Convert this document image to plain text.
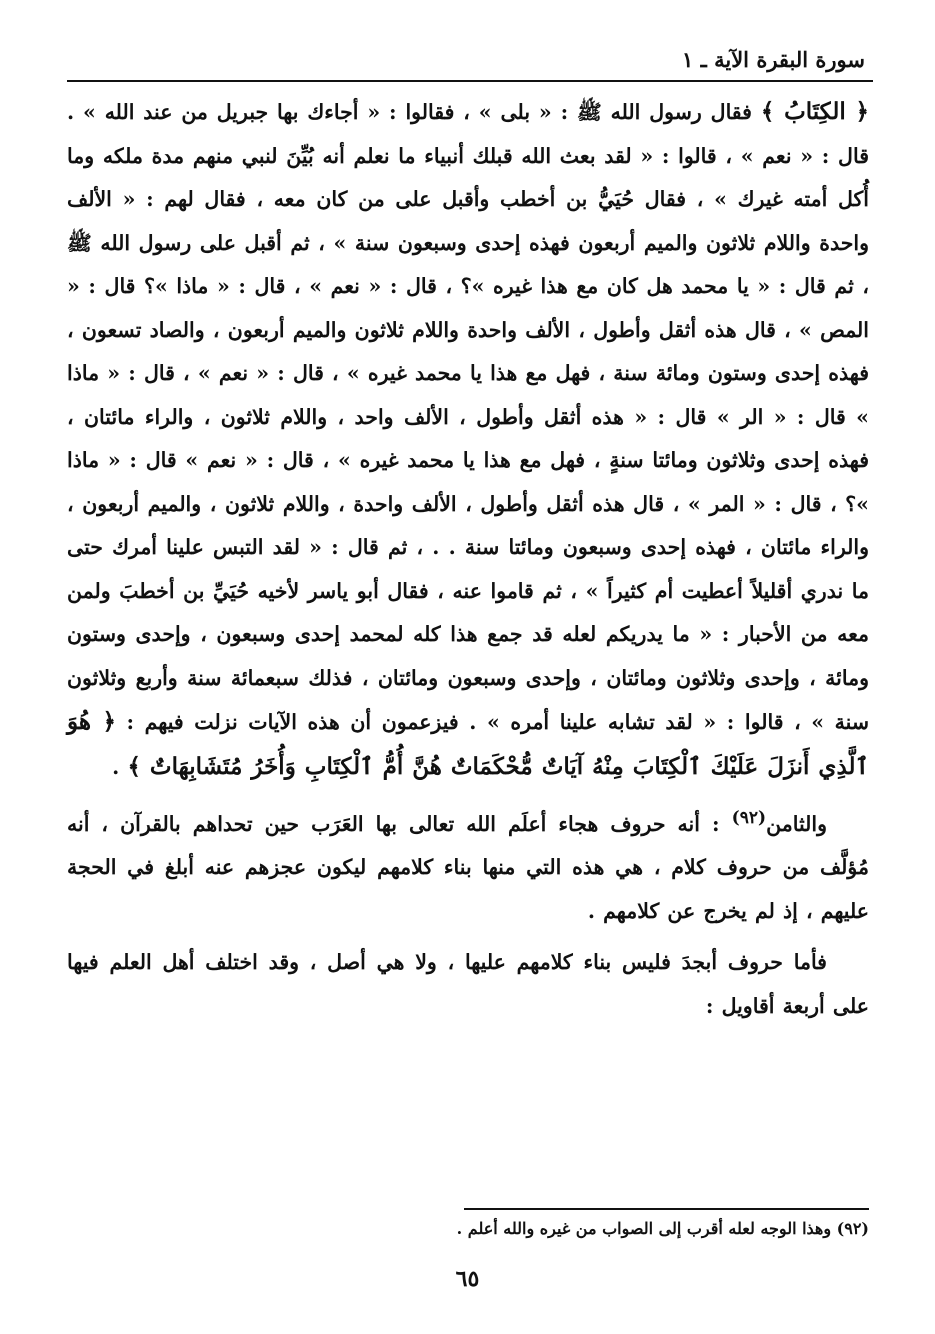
سورة البقرة الآية ـ ١

﴿ الكِتَابُ ﴾ فقال رسول الله ﷺ : « بلى » ، فقالوا : « أجاءك بها جبريل من عند الله » . قال : « نعم » ، قالوا : « لقد بعث الله قبلك أنبياء ما نعلم أنه بُيِّنَ لنبي منهم مدة ملكه وما أُكل أمته غيرك » ، فقال حُيَيُّ بن أخطب وأقبل على من كان معه ، فقال لهم : « الألف واحدة واللام ثلاثون والميم أربعون فهذه إحدى وسبعون سنة » ، ثم أقبل على رسول الله ﷺ ، ثم قال : « يا محمد هل كان مع هذا غيره »؟ ، قال : « نعم » ، قال : « ماذا »؟ قال : « المص » ، قال هذه أثقل وأطول ، الألف واحدة واللام ثلاثون والميم أربعون ، والصاد تسعون ، فهذه إحدى وستون ومائة سنة ، فهل مع هذا يا محمد غيره » ، قال : « نعم » ، قال : « ماذا » قال : « الر » قال : « هذه أثقل وأطول ، الألف واحد ، واللام ثلاثون ، والراء مائتان ، فهذه إحدى وثلاثون ومائتا سنةٍ ، فهل مع هذا يا محمد غيره » ، قال : « نعم » قال : « ماذا »؟ ، قال : « المر » ، قال هذه أثقل وأطول ، الألف واحدة ، واللام ثلاثون ، والميم أربعون ، والراء مائتان ، فهذه إحدى وسبعون ومائتا سنة . . ، ثم قال : « لقد التبس علينا أمرك حتى ما ندري أقليلاً أعطيت أم كثيراً » ، ثم قاموا عنه ، فقال أبو ياسر لأخيه حُيَيِّ بن أخطبَ ولمن معه من الأحبار : « ما يدريكم لعله قد جمع هذا كله لمحمد إحدى وسبعون ، وإحدى وستون ومائة ، وإحدى وثلاثون ومائتان ، وإحدى وسبعون ومائتان ، فذلك سبعمائة سنة وأربع وثلاثون سنة » ، قالوا : « لقد تشابه علينا أمره » . فيزعمون أن هذه الآيات نزلت فيهم : ﴿ هُوَ ٱلَّذِي أَنزَلَ عَلَيْكَ ٱلْكِتَابَ مِنْهُ آيَاتٌ مُّحْكَمَاتٌ هُنَّ أُمُّ ٱلْكِتَابِ وَأُخَرُ مُتَشَابِهَاتٌ ﴾ .

والثامن$^{(٩٢)}$ : أنه حروف هجاء أعلَم الله تعالى بها العَرَب حين تحداهم بالقرآن ، أنه مُؤلَّف من حروف كلام ، هي هذه التي منها بناء كلامهم ليكون عجزهم عنه أبلغ في الحجة عليهم ، إذ لم يخرج عن كلامهم .

فأما حروف أبجدَ فليس بناء كلامهم عليها ، ولا هي أصل ، وقد اختلف أهل العلم فيها على أربعة أقاويل :

(٩٢) وهذا الوجه لعله أقرب إلى الصواب من غيره والله أعلم .
٦٥
